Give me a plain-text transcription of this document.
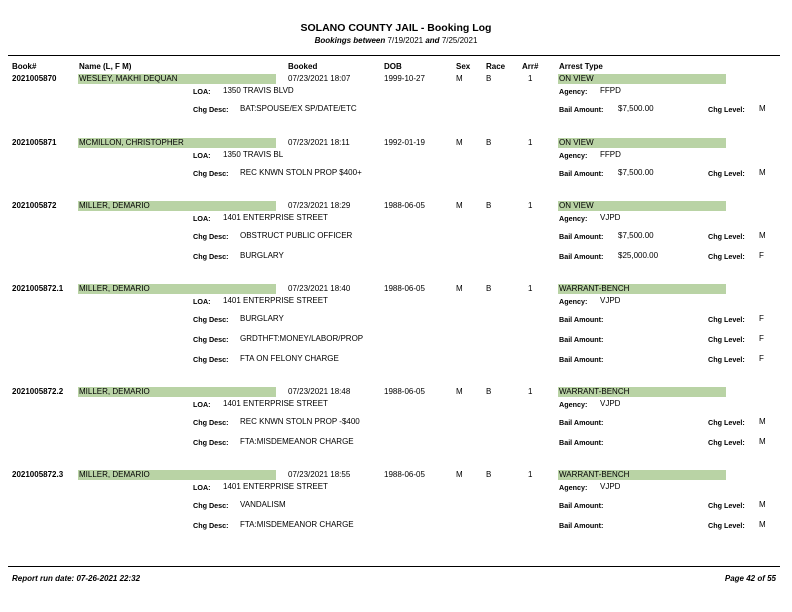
SOLANO COUNTY JAIL - Booking Log
Bookings between 7/19/2021 and 7/25/2021
Book#	Name (L, F M)	Booked	DOB	Sex Race Arr#	Arrest Type
2021005870	WESLEY, MAKHI DEQUAN	07/23/2021 18:07	1999-10-27	M	B	1	ON VIEW
LOA: 1350 TRAVIS BLVD	Agency: FFPD
Chg Desc: BAT:SPOUSE/EX SP/DATE/ETC	Bail Amount: $7,500.00	Chg Level: M
2021005871	MCMILLON, CHRISTOPHER	07/23/2021 18:11	1992-01-19	M	B	1	ON VIEW
LOA: 1350 TRAVIS BL	Agency: FFPD
Chg Desc: REC KNWN STOLN PROP $400+	Bail Amount: $7,500.00	Chg Level: M
2021005872	MILLER, DEMARIO	07/23/2021 18:29	1988-06-05	M	B	1	ON VIEW
LOA: 1401 ENTERPRISE STREET	Agency: VJPD
Chg Desc: OBSTRUCT PUBLIC OFFICER	Bail Amount: $7,500.00	Chg Level: M
Chg Desc: BURGLARY	Bail Amount: $25,000.00	Chg Level: F
2021005872.1 MILLER, DEMARIO	07/23/2021 18:40	1988-06-05	M	B	1	WARRANT-BENCH
LOA: 1401 ENTERPRISE STREET	Agency: VJPD
Chg Desc: BURGLARY	Bail Amount:	Chg Level: F
Chg Desc: GRDTHFT:MONEY/LABOR/PROP	Bail Amount:	Chg Level: F
Chg Desc: FTA ON FELONY CHARGE	Bail Amount:	Chg Level: F
2021005872.2 MILLER, DEMARIO	07/23/2021 18:48	1988-06-05	M	B	1	WARRANT-BENCH
LOA: 1401 ENTERPRISE STREET	Agency: VJPD
Chg Desc: REC KNWN STOLN PROP -$400	Bail Amount:	Chg Level: M
Chg Desc: FTA:MISDEMEANOR CHARGE	Bail Amount:	Chg Level: M
2021005872.3 MILLER, DEMARIO	07/23/2021 18:55	1988-06-05	M	B	1	WARRANT-BENCH
LOA: 1401 ENTERPRISE STREET	Agency: VJPD
Chg Desc: VANDALISM	Bail Amount:	Chg Level: M
Chg Desc: FTA:MISDEMEANOR CHARGE	Bail Amount:	Chg Level: M
Report run date: 07-26-2021 22:32	Page 42 of 55
